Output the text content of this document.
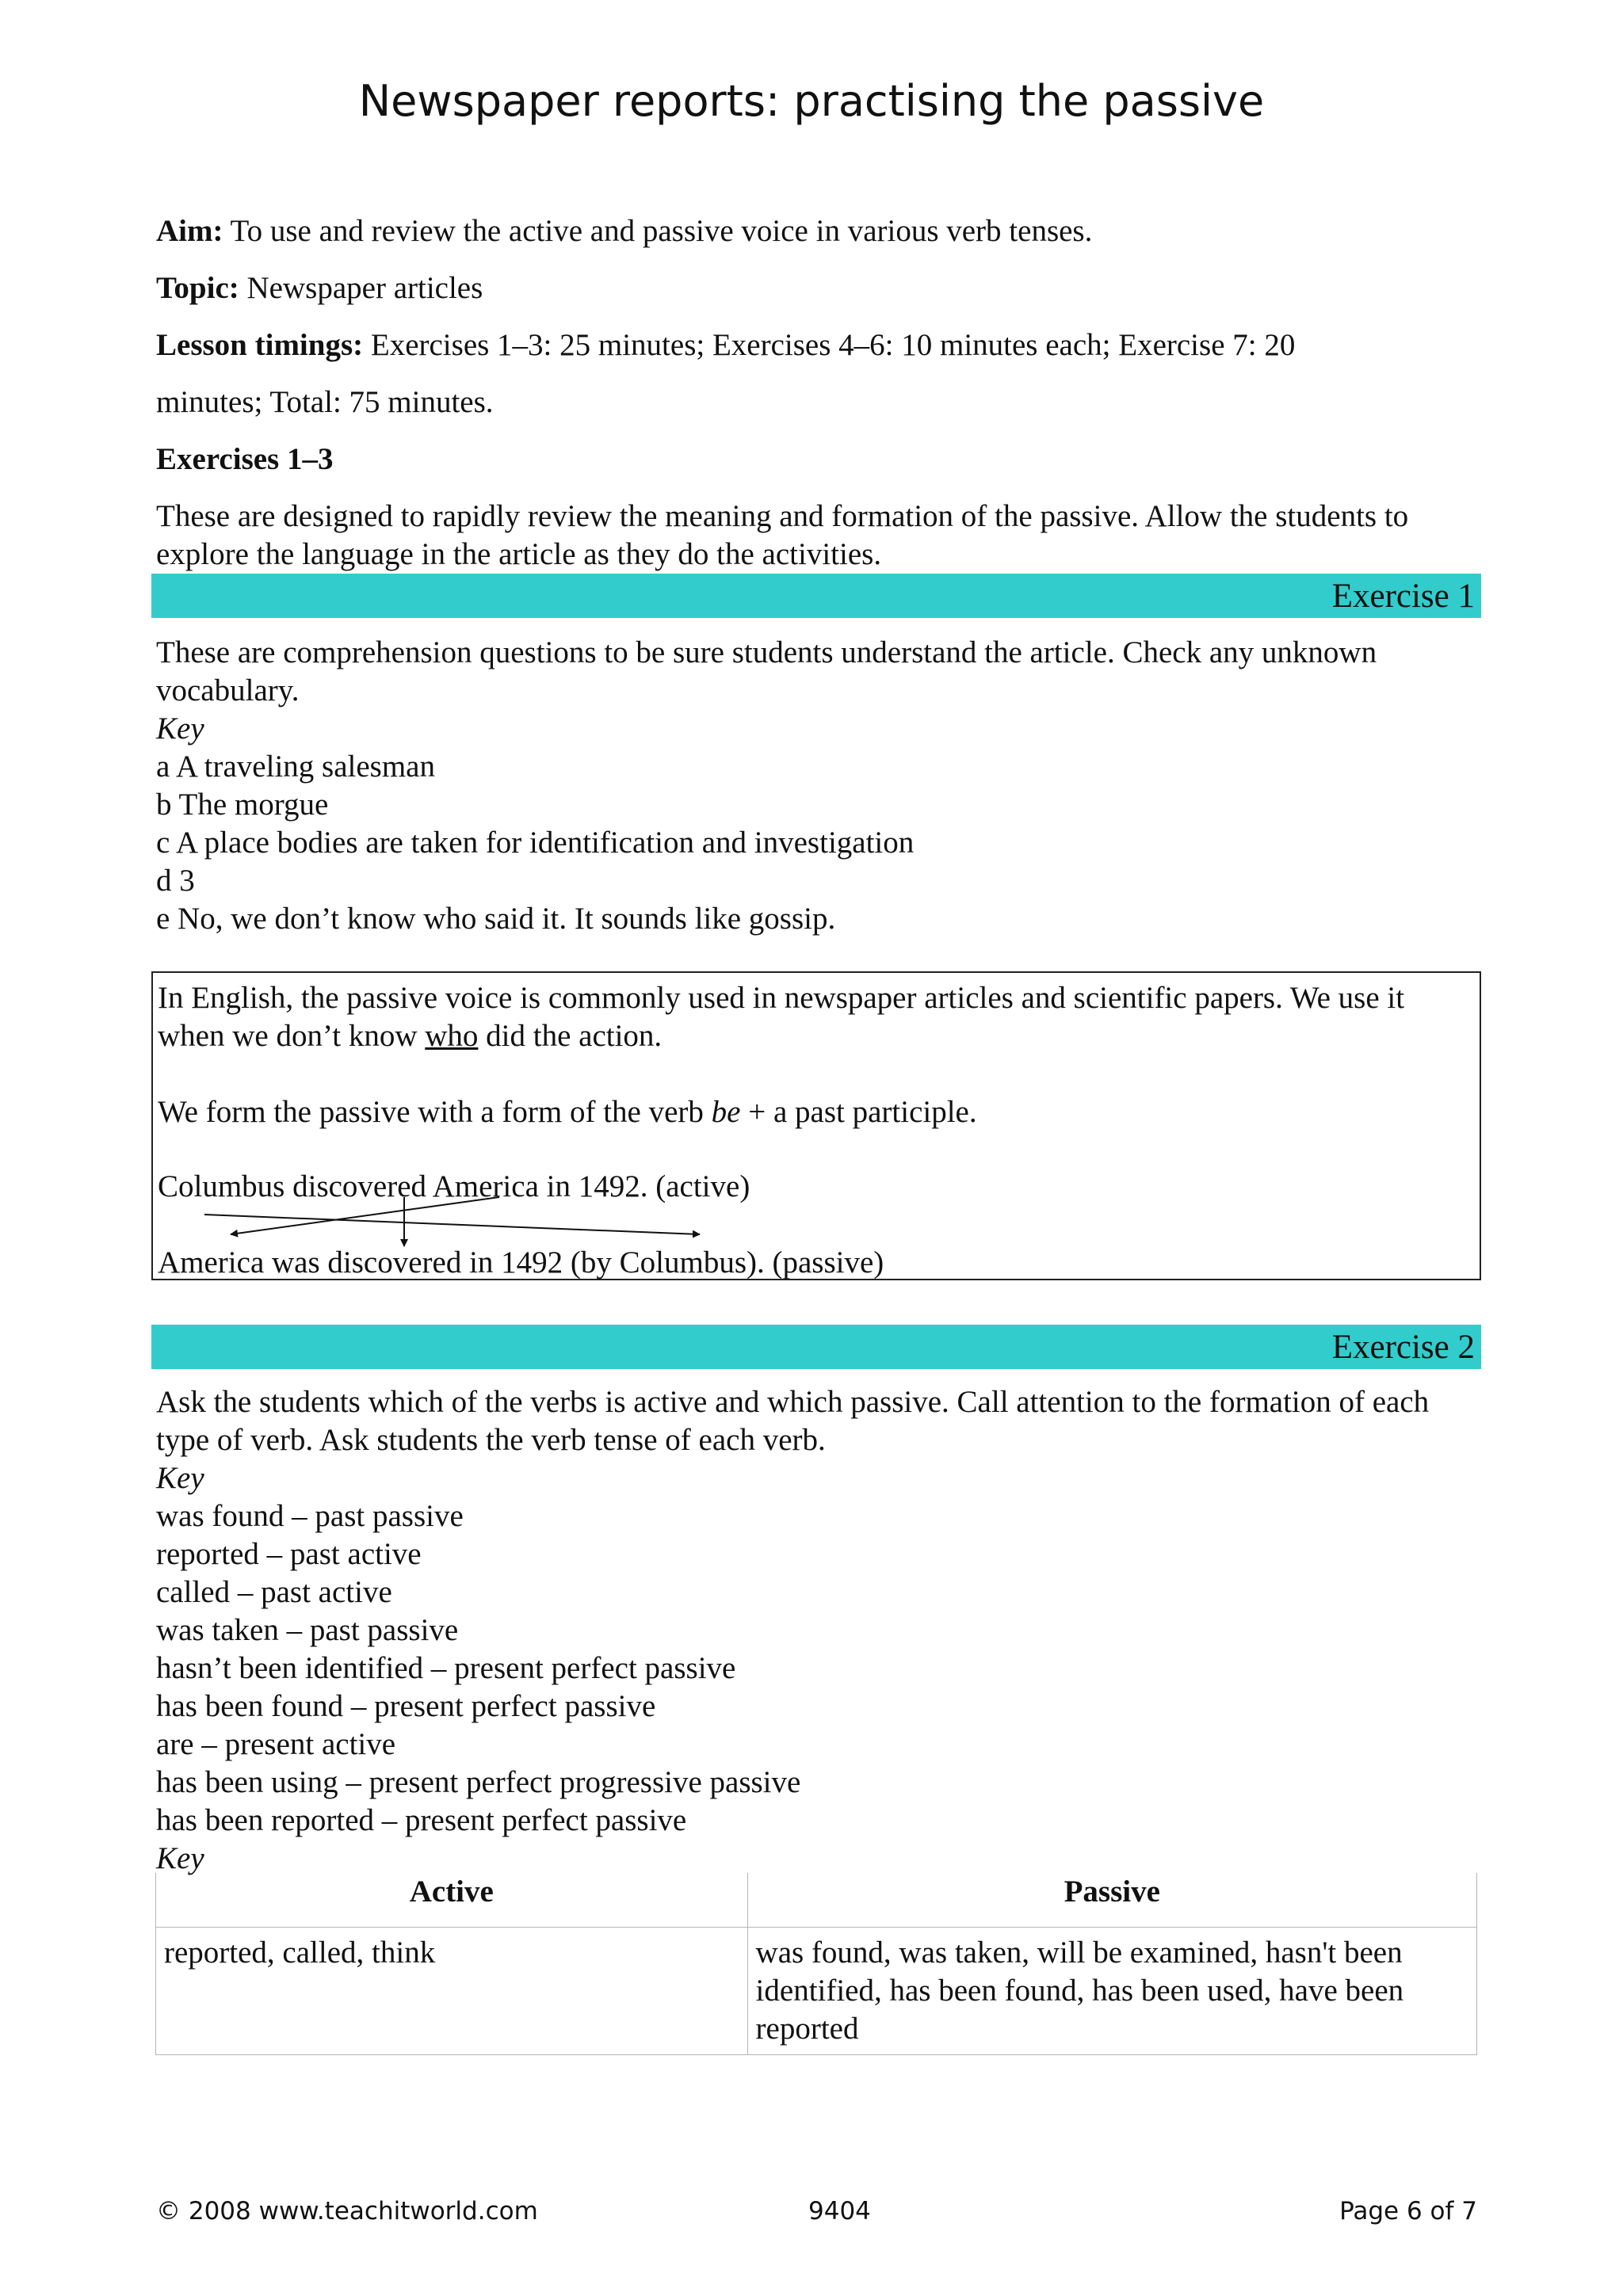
Newspaper reports: practising the passive
Aim: To use and review the active and passive voice in various verb tenses.
Topic: Newspaper articles
Lesson timings: Exercises 1–3: 25 minutes; Exercises 4–6: 10 minutes each; Exercise 7: 20
minutes; Total: 75 minutes.
Exercises 1–3
These are designed to rapidly review the meaning and formation of the passive. Allow the students to explore the language in the article as they do the activities.
Exercise 1
These are comprehension questions to be sure students understand the article. Check any unknown vocabulary.
Key
a A traveling salesman
b The morgue
c A place bodies are taken for identification and investigation
d 3
e No, we don’t know who said it. It sounds like gossip.
In English, the passive voice is commonly used in newspaper articles and scientific papers. We use it when we don’t know who did the action.
We form the passive with a form of the verb be + a past participle.
Columbus discovered America in 1492. (active)
America was discovered in 1492 (by Columbus). (passive)
Exercise 2
Ask the students which of the verbs is active and which passive. Call attention to the formation of each type of verb. Ask students the verb tense of each verb.
Key
was found – past passive
reported – past active
called – past active
was taken – past passive
hasn’t been identified – present perfect passive
has been found – present perfect passive
are – present active
has been using – present perfect progressive passive
has been reported – present perfect passive
Key
Active	Passive
reported, called, think	was found, was taken, will be examined, hasn't been identified, has been found, has been used, have been reported
© 2008 www.teachitworld.com	9404	Page 6 of 7
